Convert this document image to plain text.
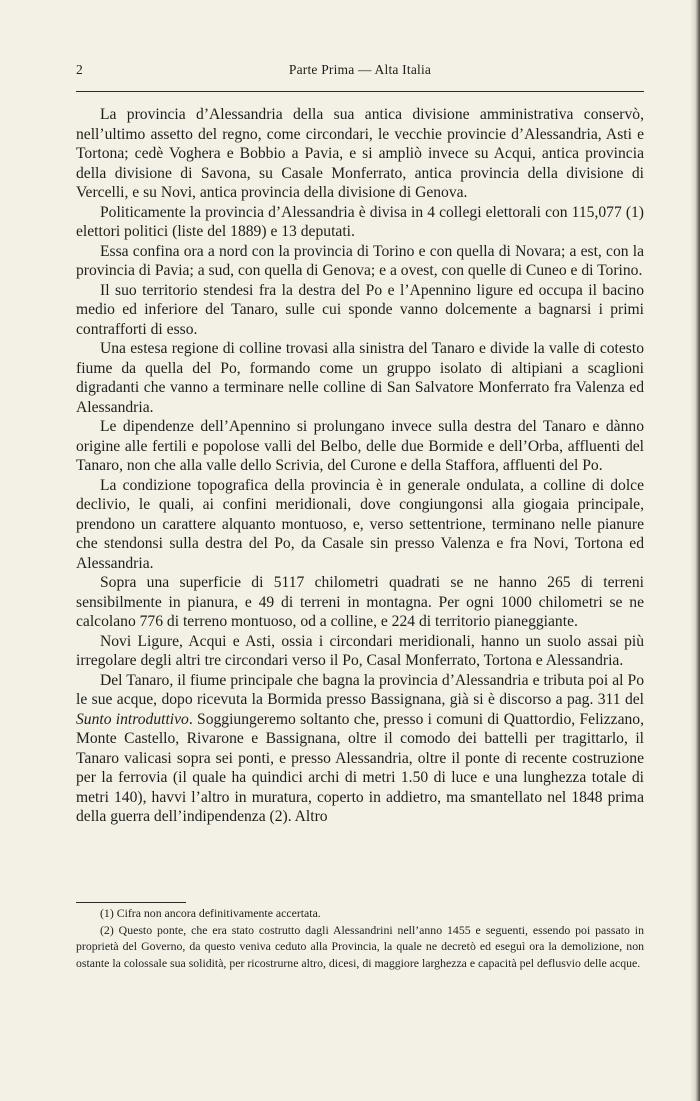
2	Parte Prima — Alta Italia

La provincia d’Alessandria della sua antica divisione amministrativa conservò, nell’ultimo assetto del regno, come circondari, le vecchie provincie d’Alessandria, Asti e Tortona; cedè Voghera e Bobbio a Pavia, e si ampliò invece su Acqui, antica provincia della divisione di Savona, su Casale Monferrato, antica provincia della divisione di Vercelli, e su Novi, antica provincia della divisione di Genova.

Politicamente la provincia d’Alessandria è divisa in 4 collegi elettorali con 115,077 (1) elettori politici (liste del 1889) e 13 deputati.

Essa confina ora a nord con la provincia di Torino e con quella di Novara; a est, con la provincia di Pavia; a sud, con quella di Genova; e a ovest, con quelle di Cuneo e di Torino.

Il suo territorio stendesi fra la destra del Po e l’Apennino ligure ed occupa il bacino medio ed inferiore del Tanaro, sulle cui sponde vanno dolcemente a bagnarsi i primi contrafforti di esso.

Una estesa regione di colline trovasi alla sinistra del Tanaro e divide la valle di cotesto fiume da quella del Po, formando come un gruppo isolato di altipiani a scaglioni digradanti che vanno a terminare nelle colline di San Salvatore Monferrato fra Valenza ed Alessandria.

Le dipendenze dell’Apennino si prolungano invece sulla destra del Tanaro e dànno origine alle fertili e popolose valli del Belbo, delle due Bormide e dell’Orba, affluenti del Tanaro, non che alla valle dello Scrivia, del Curone e della Staffora, affluenti del Po.

La condizione topografica della provincia è in generale ondulata, a colline di dolce declivio, le quali, ai confini meridionali, dove congiungonsi alla giogaia principale, prendono un carattere alquanto montuoso, e, verso settentrione, terminano nelle pianure che stendonsi sulla destra del Po, da Casale sin presso Valenza e fra Novi, Tortona ed Alessandria.

Sopra una superficie di 5117 chilometri quadrati se ne hanno 265 di terreni sensibilmente in pianura, e 49 di terreni in montagna. Per ogni 1000 chilometri se ne calcolano 776 di terreno montuoso, od a colline, e 224 di territorio pianeggiante.

Novi Ligure, Acqui e Asti, ossia i circondari meridionali, hanno un suolo assai più irregolare degli altri tre circondari verso il Po, Casal Monferrato, Tortona e Alessandria.

Del Tanaro, il fiume principale che bagna la provincia d’Alessandria e tributa poi al Po le sue acque, dopo ricevuta la Bormida presso Bassignana, già si è discorso a pag. 311 del Sunto introduttivo. Soggiungeremo soltanto che, presso i comuni di Quattordio, Felizzano, Monte Castello, Rivarone e Bassignana, oltre il comodo dei battelli per tragittarlo, il Tanaro valicasi sopra sei ponti, e presso Alessandria, oltre il ponte di recente costruzione per la ferrovia (il quale ha quindici archi di metri 1.50 di luce e una lunghezza totale di metri 140), havvi l’altro in muratura, coperto in addietro, ma smantellato nel 1848 prima della guerra dell’indipendenza (2). Altro

(1) Cifra non ancora definitivamente accertata.

(2) Questo ponte, che era stato costrutto dagli Alessandrini nell’anno 1455 e seguenti, essendo poi passato in proprietà del Governo, da questo veniva ceduto alla Provincia, la quale ne decretò ed eseguì ora la demolizione, non ostante la colossale sua solidità, per ricostrurne altro, dicesi, di maggiore larghezza e capacità pel deflusvio delle acque.
